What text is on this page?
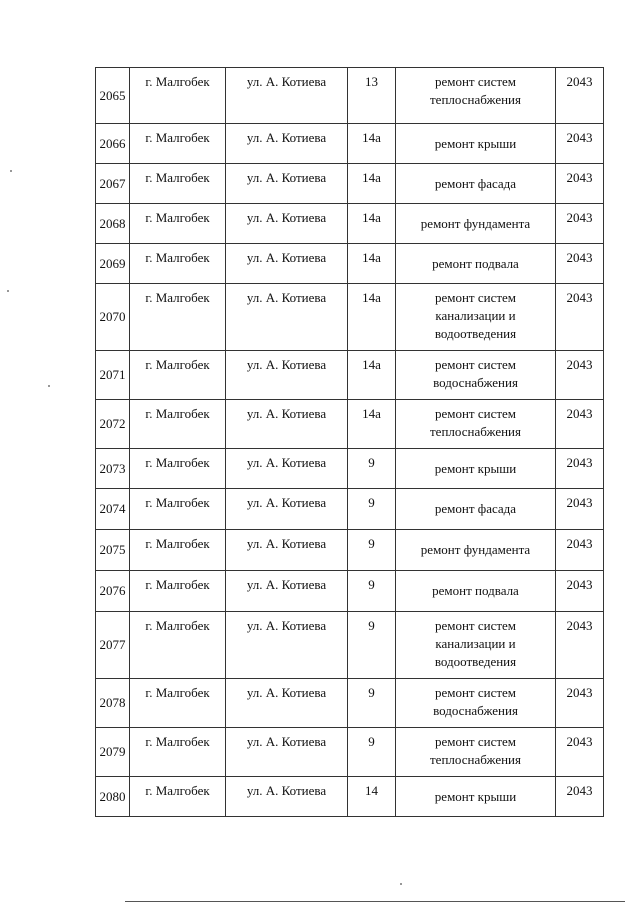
2065	г. Малгобек	ул. А. Котиева	13	ремонт систем
теплоснабжения	2043
2066	г. Малгобек	ул. А. Котиева	14а	ремонт крыши	2043
2067	г. Малгобек	ул. А. Котиева	14а	ремонт фасада	2043
2068	г. Малгобек	ул. А. Котиева	14а	ремонт фундамента	2043
2069	г. Малгобек	ул. А. Котиева	14а	ремонт подвала	2043
2070	г. Малгобек	ул. А. Котиева	14а	ремонт систем
канализации и
водоотведения	2043
2071	г. Малгобек	ул. А. Котиева	14а	ремонт систем
водоснабжения	2043
2072	г. Малгобек	ул. А. Котиева	14а	ремонт систем
теплоснабжения	2043
2073	г. Малгобек	ул. А. Котиева	9	ремонт крыши	2043
2074	г. Малгобек	ул. А. Котиева	9	ремонт фасада	2043
2075	г. Малгобек	ул. А. Котиева	9	ремонт фундамента	2043
2076	г. Малгобек	ул. А. Котиева	9	ремонт подвала	2043
2077	г. Малгобек	ул. А. Котиева	9	ремонт систем
канализации и
водоотведения	2043
2078	г. Малгобек	ул. А. Котиева	9	ремонт систем
водоснабжения	2043
2079	г. Малгобек	ул. А. Котиева	9	ремонт систем
теплоснабжения	2043
2080	г. Малгобек	ул. А. Котиева	14	ремонт крыши	2043
